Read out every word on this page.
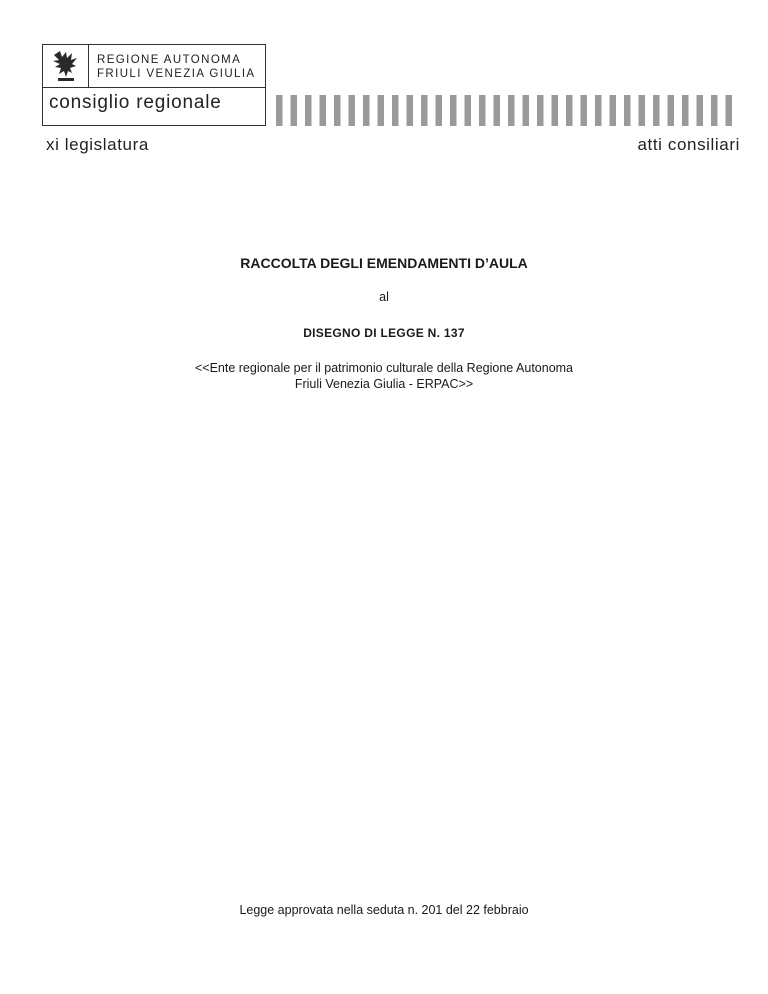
REGIONE AUTONOMA
FRIULI VENEZIA GIULIA
consiglio regionale
xi legislatura	atti consiliari
RACCOLTA DEGLI EMENDAMENTI D’AULA
al
DISEGNO DI LEGGE N. 137
<<Ente regionale per il patrimonio culturale della Regione Autonoma
Friuli Venezia Giulia - ERPAC>>
Legge approvata nella seduta n. 201 del 22 febbraio
